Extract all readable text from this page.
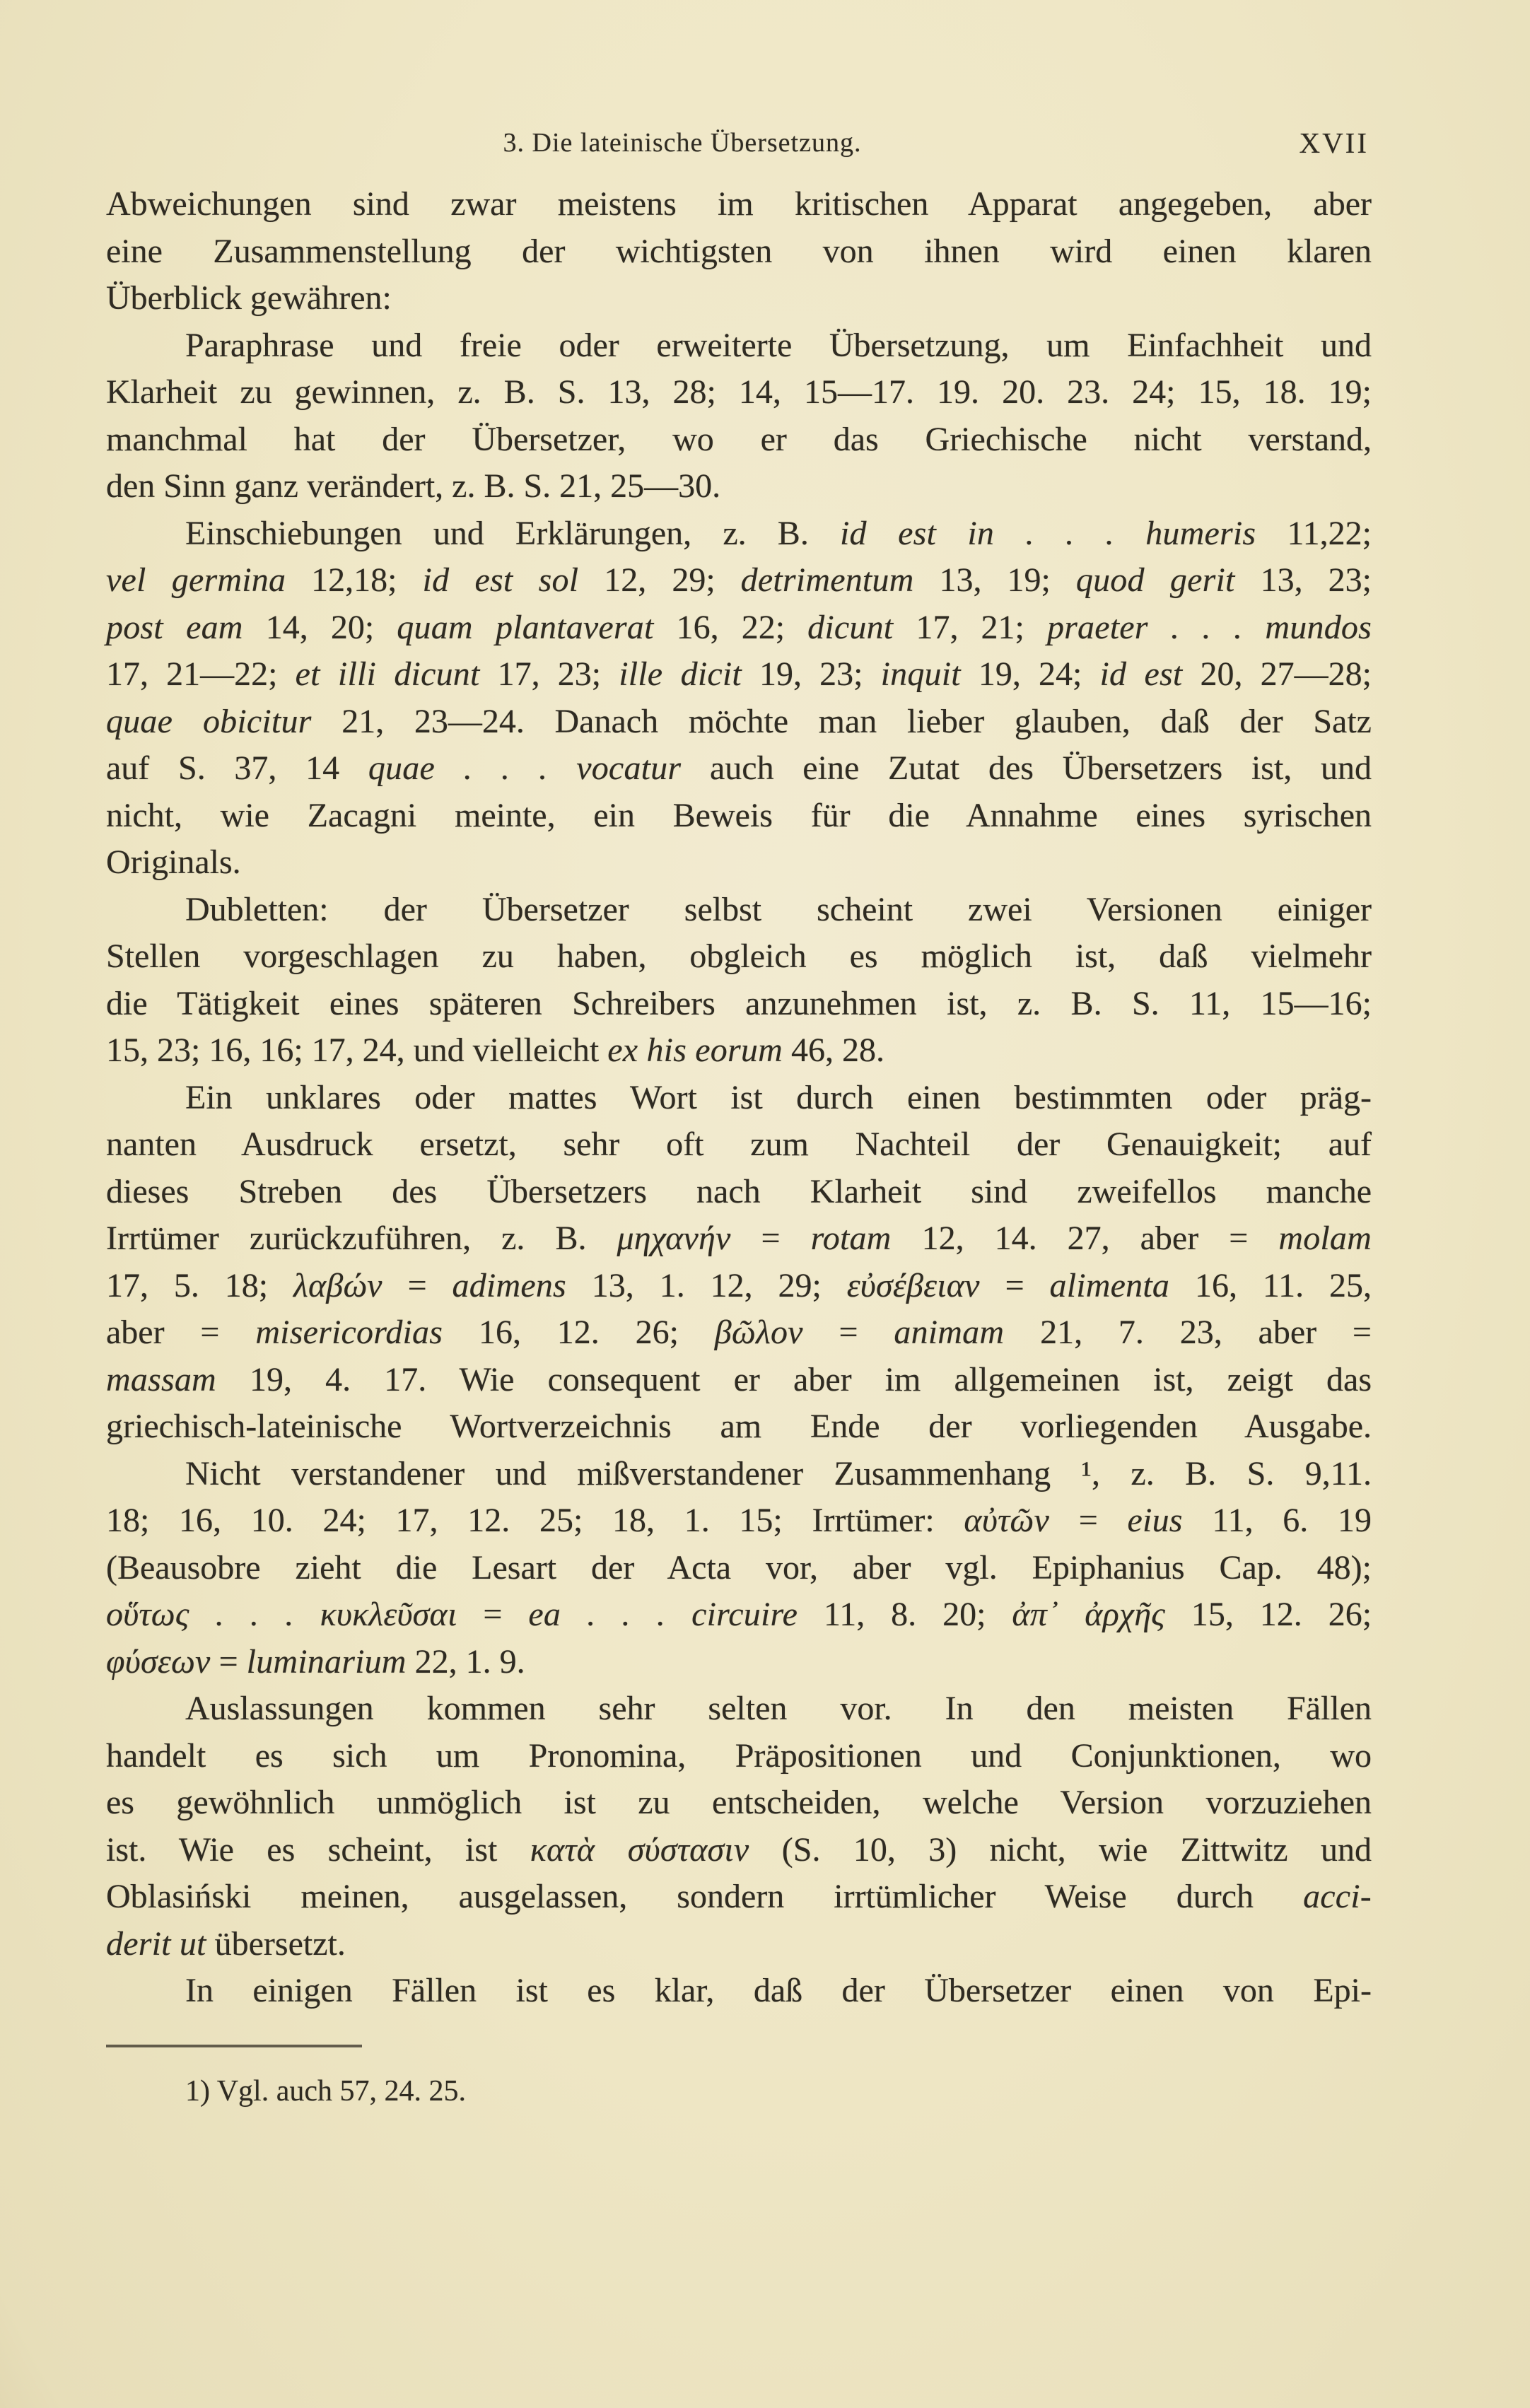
3. Die lateinische Übersetzung.	XVII
Abweichungen sind zwar meistens im kritischen Apparat angegeben, aber
eine Zusammenstellung der wichtigsten von ihnen wird einen klaren
Überblick gewähren:
Paraphrase und freie oder erweiterte Übersetzung, um Einfachheit und
Klarheit zu gewinnen, z. B. S. 13, 28; 14, 15—17. 19. 20. 23. 24; 15, 18. 19;
manchmal hat der Übersetzer, wo er das Griechische nicht verstand,
den Sinn ganz verändert, z. B. S. 21, 25—30.
Einschiebungen und Erklärungen, z. B. id est in . . . humeris 11,22;
vel germina 12,18; id est sol 12, 29; detrimentum 13, 19; quod gerit 13, 23;
post eam 14, 20; quam plantaverat 16, 22; dicunt 17, 21; praeter . . . mundos
17, 21—22; et illi dicunt 17, 23; ille dicit 19, 23; inquit 19, 24; id est 20, 27—28;
quae obicitur 21, 23—24. Danach möchte man lieber glauben, daß der Satz
auf S. 37, 14 quae . . . vocatur auch eine Zutat des Übersetzers ist, und
nicht, wie Zacagni meinte, ein Beweis für die Annahme eines syrischen
Originals.
Dubletten: der Übersetzer selbst scheint zwei Versionen einiger
Stellen vorgeschlagen zu haben, obgleich es möglich ist, daß vielmehr
die Tätigkeit eines späteren Schreibers anzunehmen ist, z. B. S. 11, 15—16;
15, 23; 16, 16; 17, 24, und vielleicht ex his eorum 46, 28.
Ein unklares oder mattes Wort ist durch einen bestimmten oder präg-
nanten Ausdruck ersetzt, sehr oft zum Nachteil der Genauigkeit; auf
dieses Streben des Übersetzers nach Klarheit sind zweifellos manche
Irrtümer zurückzuführen, z. B. μηχανήν = rotam 12, 14. 27, aber = molam
17, 5. 18; λαβών = adimens 13, 1. 12, 29; εὐσέβειαν = alimenta 16, 11. 25,
aber = misericordias 16, 12. 26; βῶλον = animam 21, 7. 23, aber =
massam 19, 4. 17. Wie consequent er aber im allgemeinen ist, zeigt das
griechisch-lateinische Wortverzeichnis am Ende der vorliegenden Ausgabe.
Nicht verstandener und mißverstandener Zusammenhang ¹, z. B. S. 9,11.
18; 16, 10. 24; 17, 12. 25; 18, 1. 15; Irrtümer: αὐτῶν = eius 11, 6. 19
(Beausobre zieht die Lesart der Acta vor, aber vgl. Epiphanius Cap. 48);
οὕτως . . . κυκλεῦσαι = ea . . . circuire 11, 8. 20; ἀπ᾽ ἀρχῆς 15, 12. 26;
φύσεων = luminarium 22, 1. 9.
Auslassungen kommen sehr selten vor. In den meisten Fällen
handelt es sich um Pronomina, Präpositionen und Conjunktionen, wo
es gewöhnlich unmöglich ist zu entscheiden, welche Version vorzuziehen
ist. Wie es scheint, ist κατὰ σύστασιν (S. 10, 3) nicht, wie Zittwitz und
Oblasiński meinen, ausgelassen, sondern irrtümlicher Weise durch acci-
derit ut übersetzt.
In einigen Fällen ist es klar, daß der Übersetzer einen von Epi-
1) Vgl. auch 57, 24. 25.
